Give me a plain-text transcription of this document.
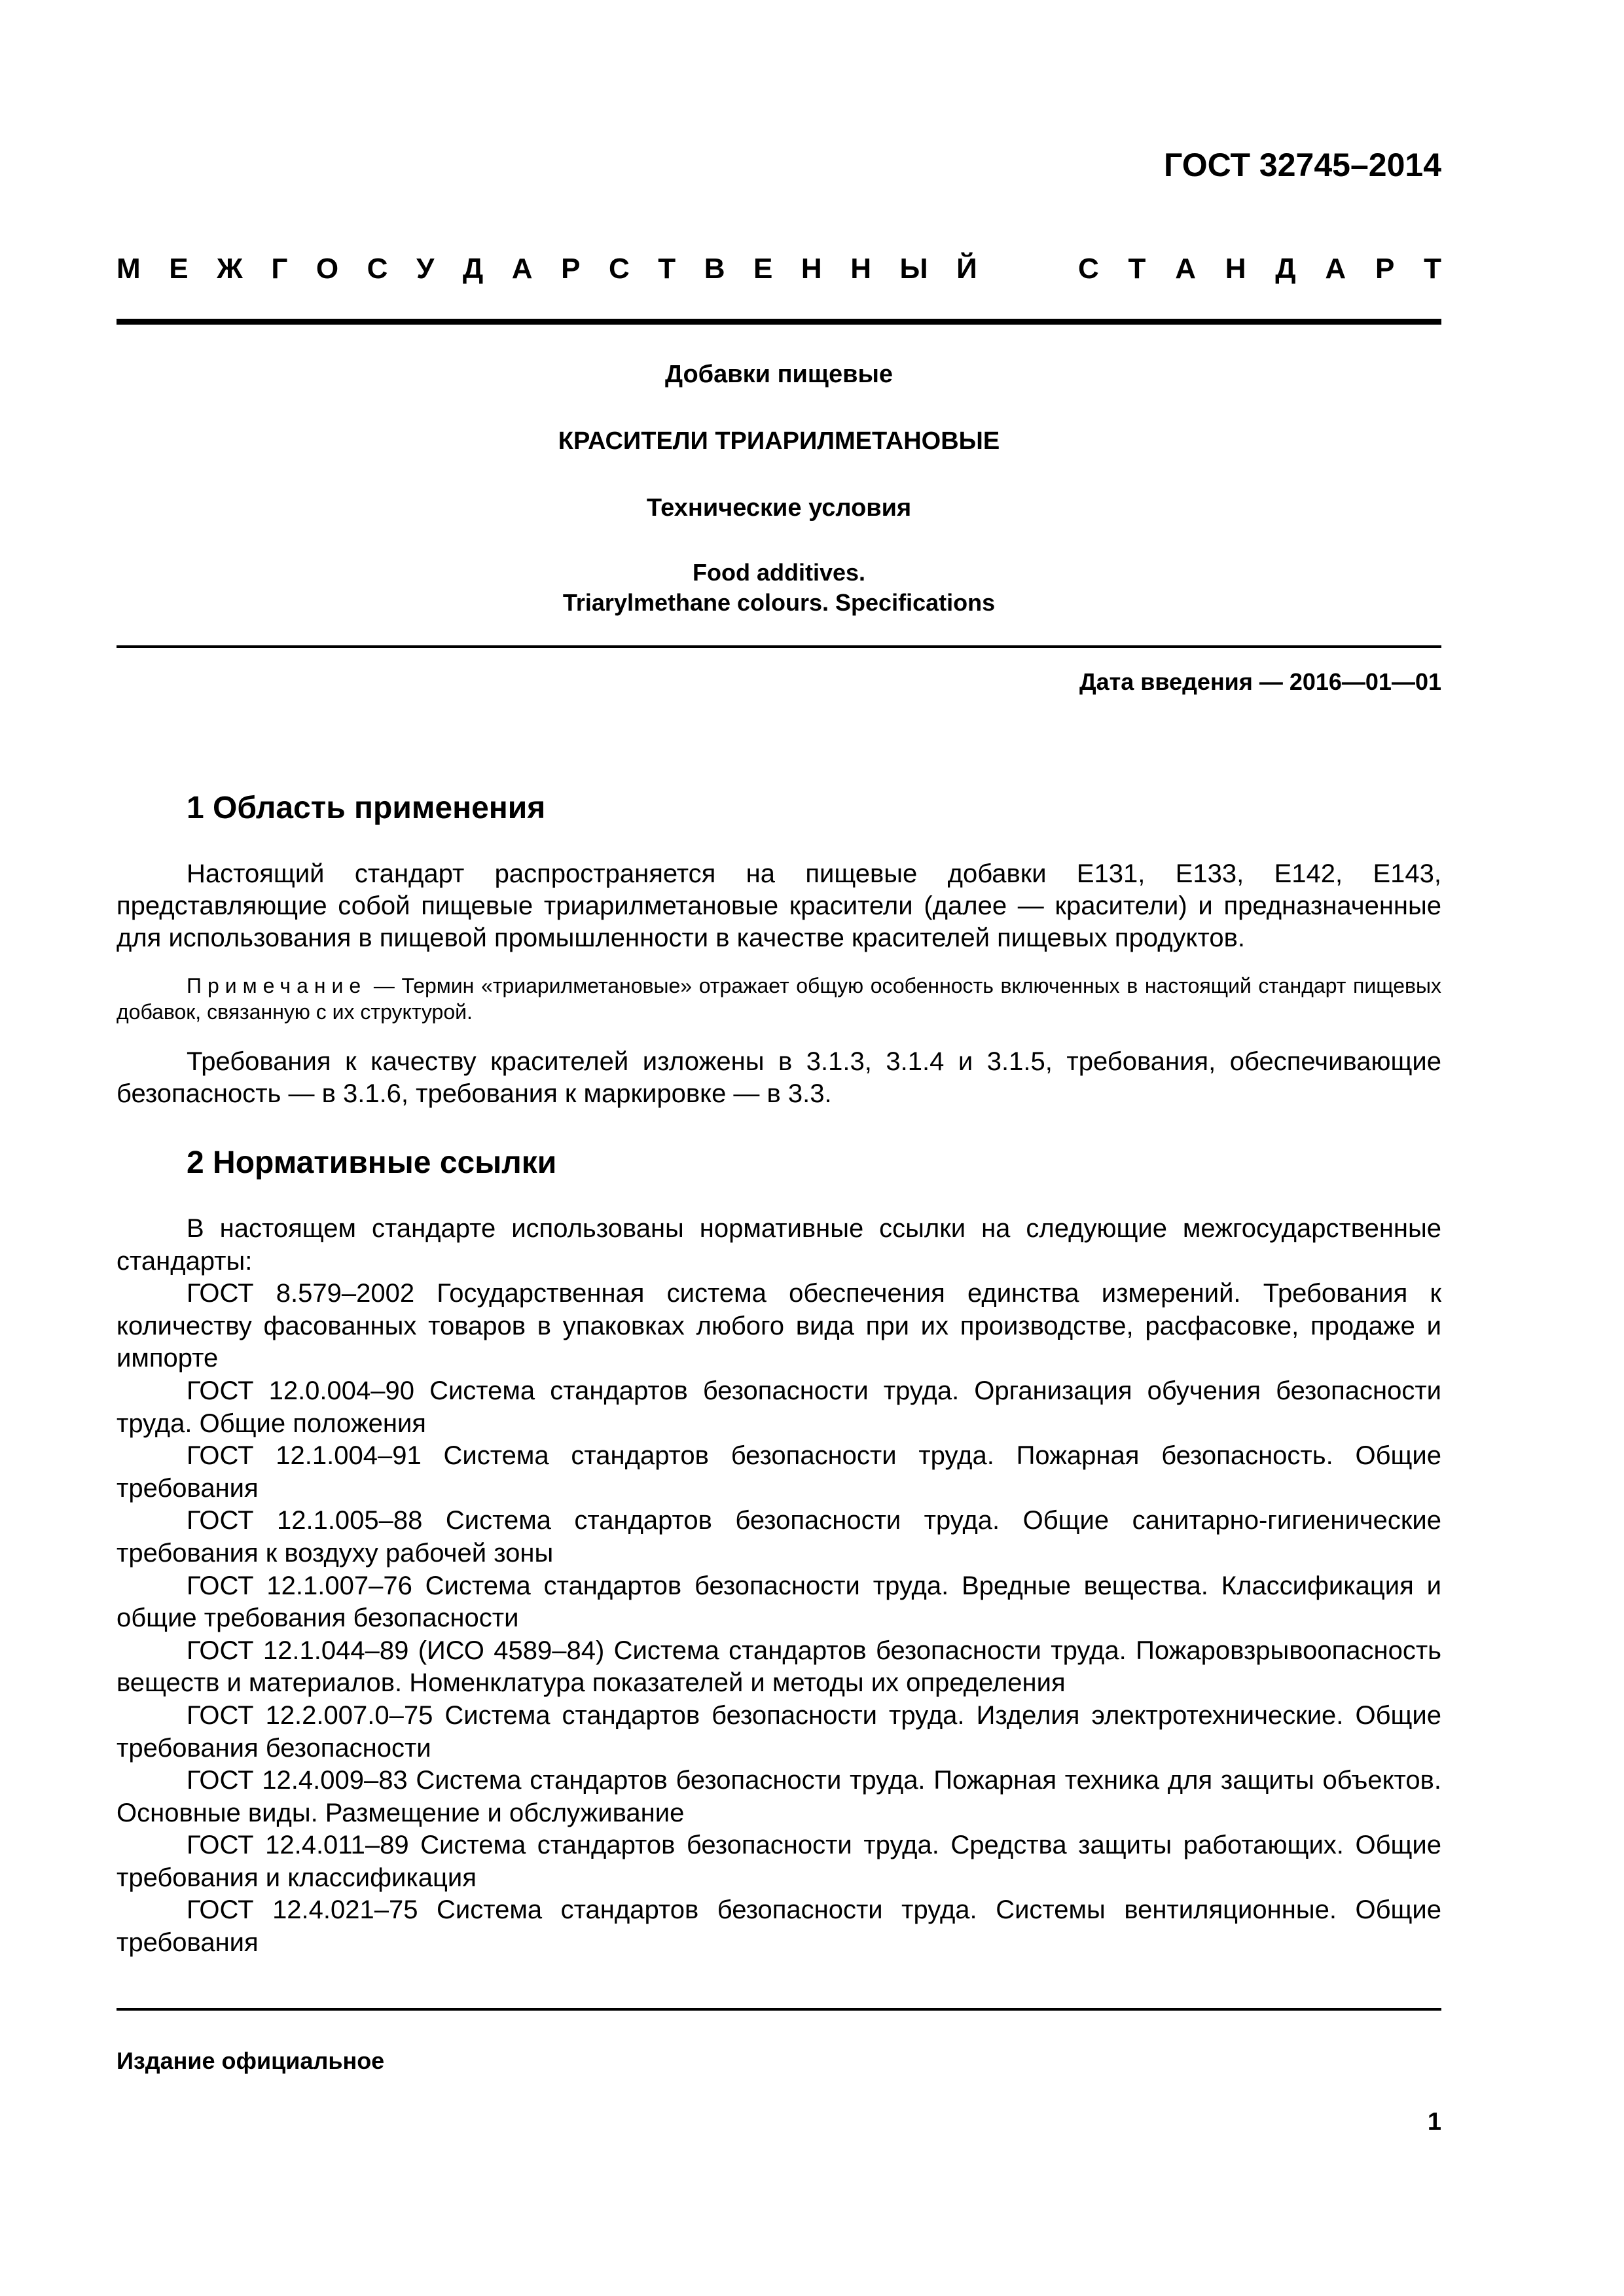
ГОСТ 32745–2014
М Е Ж Г О С У Д А Р С Т В Е Н Н Ы Й	С Т А Н Д А Р Т
Добавки пищевые
КРАСИТЕЛИ ТРИАРИЛМЕТАНОВЫЕ
Технические условия
Food additives.
Triarylmethane colours. Specifications
Дата введения — 2016—01—01
1 Область применения

Настоящий стандарт распространяется на пищевые добавки Е131, Е133, Е142, Е143, представляющие собой пищевые триарилметановые красители (далее — красители) и предназначенные для использования в пищевой промышленности в качестве красителей пищевых продуктов.

Примечание — Термин «триарилметановые» отражает общую особенность включенных в настоящий стандарт пищевых добавок, связанную с их структурой.

Требования к качеству красителей изложены в 3.1.3, 3.1.4 и 3.1.5, требования, обеспечивающие безопасность — в 3.1.6, требования к маркировке — в 3.3.

2 Нормативные ссылки

В настоящем стандарте использованы нормативные ссылки на следующие межгосударственные стандарты:

ГОСТ 8.579–2002 Государственная система обеспечения единства измерений. Требования к количеству фасованных товаров в упаковках любого вида при их производстве, расфасовке, продаже и импорте

ГОСТ 12.0.004–90 Система стандартов безопасности труда. Организация обучения безопасности труда. Общие положения

ГОСТ 12.1.004–91 Система стандартов безопасности труда. Пожарная безопасность. Общие требования

ГОСТ 12.1.005–88 Система стандартов безопасности труда. Общие санитарно-гигиенические требования к воздуху рабочей зоны

ГОСТ 12.1.007–76 Система стандартов безопасности труда. Вредные вещества. Классификация и общие требования безопасности

ГОСТ 12.1.044–89 (ИСО 4589–84) Система стандартов безопасности труда. Пожаровзрывоопасность веществ и материалов. Номенклатура показателей и методы их определения

ГОСТ 12.2.007.0–75 Система стандартов безопасности труда. Изделия электротехнические. Общие требования безопасности

ГОСТ 12.4.009–83 Система стандартов безопасности труда. Пожарная техника для защиты объектов. Основные виды. Размещение и обслуживание

ГОСТ 12.4.011–89 Система стандартов безопасности труда. Средства защиты работающих. Общие требования и классификация

ГОСТ 12.4.021–75 Система стандартов безопасности труда. Системы вентиляционные. Общие требования

Издание официальное
1
